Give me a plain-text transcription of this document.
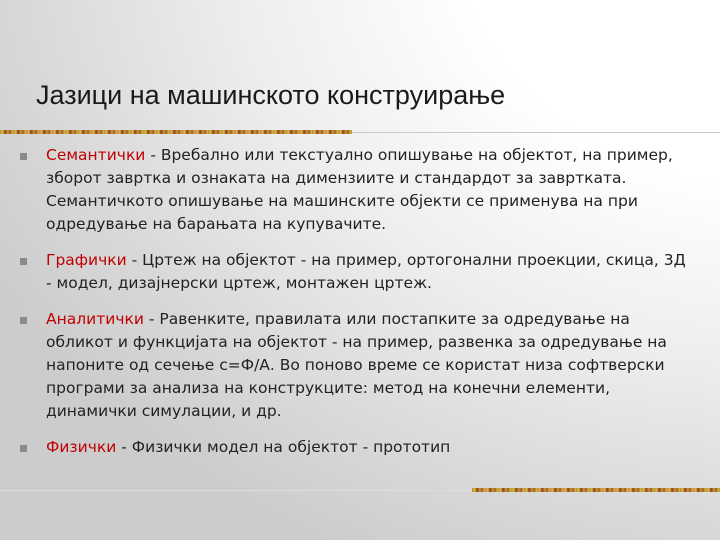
Јазици на машинското конструирање
Семантички - Вребално или текстуално опишување на објектот, на пример, зборот завртка и ознаката на димензиите и стандардот за завртката. Семантичкото опишување на машинските објекти се применува на при одредување на барањата на купувачите.
Графички - Цртеж на објектот - на пример, ортогонални проекции, скица, 3Д - модел, дизајнерски цртеж, монтажен цртеж.
Аналитички - Равенките, правилата или постапките за одредување на обликот и функцијата на објектот - на пример, развенка за одредување на напоните од сечење с=Ф/А. Во поново време се користат низа софтверски програми за анализа на конструкците: метод на конечни елементи, динамички симулации, и др.
Физички - Физички модел на објектот - прототип
